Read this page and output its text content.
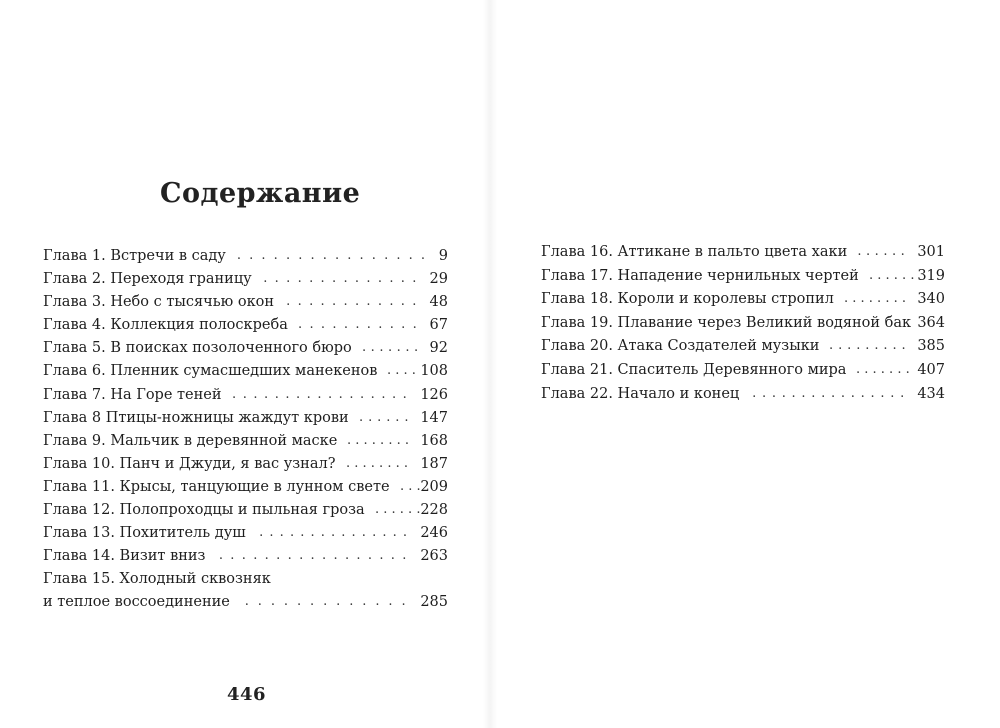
Содержание
Глава 1. Встречи в саду . . . . . . . . . . . . . . . . 9
Глава 2. Переходя границу . . . . . . . . . . . . . . 29
Глава 3. Небо с тысячью окон . . . . . . . . . . . . 48
Глава 4. Коллекция полоскреба . . . . . . . . . . . 67
Глава 5. В поисках позолоченного бюро . . . . . . . 92
Глава 6. Пленник сумасшедших манекенов . . . . 108
Глава 7. На Горе теней . . . . . . . . . . . . . . . . . 126
Глава 8 Птицы-ножницы жаждут крови . . . . . . 147
Глава 9. Мальчик в деревянной маске . . . . . . . . 168
Глава 10. Панч и Джуди, я вас узнал? . . . . . . . . 187
Глава 11. Крысы, танцующие в лунном свете . . . 209
Глава 12. Полопроходцы и пыльная гроза . . . . . . 228
Глава 13. Похититель душ . . . . . . . . . . . . . . . 246
Глава 14. Визит вниз . . . . . . . . . . . . . . . . . 263
Глава 15. Холодный сквозняк
и теплое воссоединение	. . . . . . . . . . . . . 285
Глава 16. Аттикане в пальто цвета хаки . . . . . . 301
Глава 17. Нападение чернильных чертей . . . . . . 319
Глава 18. Короли и королевы стропил . . . . . . . . 340
Глава 19. Плавание через Великий водяной бак 364
Глава 20. Атака Создателей музыки . . . . . . . . . 385
Глава 21. Спаситель Деревянного мира . . . . . . . 407
Глава 22. Начало и конец . . . . . . . . . . . . . . . . 434
446
